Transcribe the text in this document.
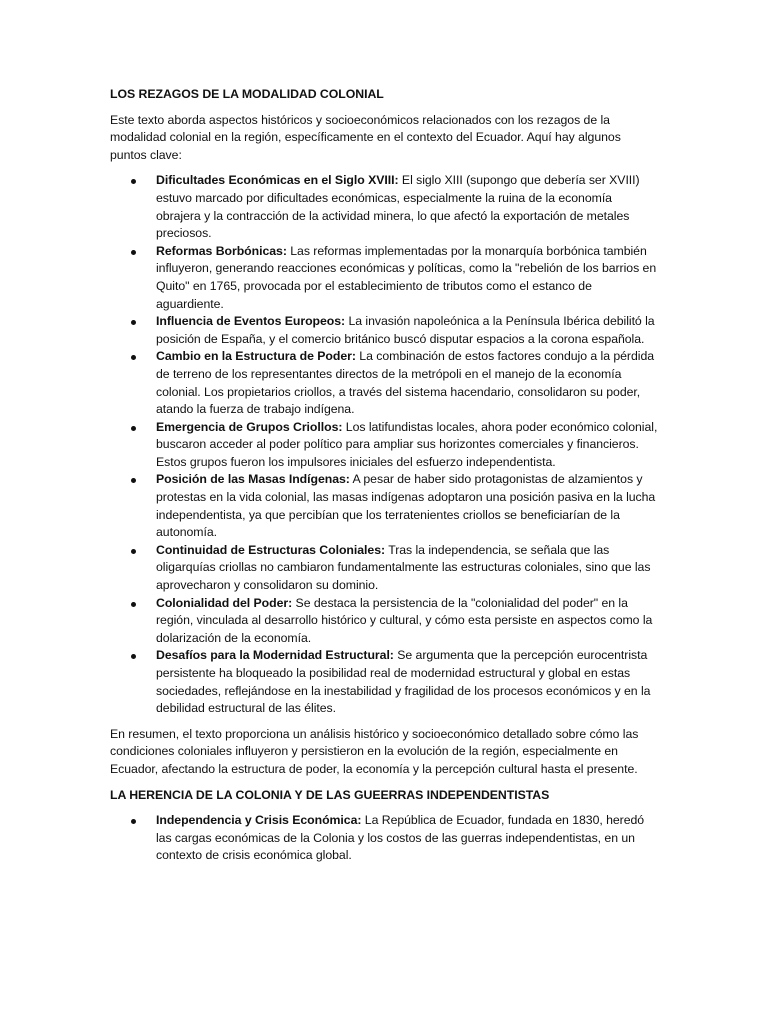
LOS REZAGOS DE LA MODALIDAD COLONIAL
Este texto aborda aspectos históricos y socioeconómicos relacionados con los rezagos de la modalidad colonial en la región, específicamente en el contexto del Ecuador. Aquí hay algunos puntos clave:
Dificultades Económicas en el Siglo XVIII: El siglo XIII (supongo que debería ser XVIII) estuvo marcado por dificultades económicas, especialmente la ruina de la economía obrajera y la contracción de la actividad minera, lo que afectó la exportación de metales preciosos.
Reformas Borbónicas: Las reformas implementadas por la monarquía borbónica también influyeron, generando reacciones económicas y políticas, como la "rebelión de los barrios en Quito" en 1765, provocada por el establecimiento de tributos como el estanco de aguardiente.
Influencia de Eventos Europeos: La invasión napoleónica a la Península Ibérica debilitó la posición de España, y el comercio británico buscó disputar espacios a la corona española.
Cambio en la Estructura de Poder: La combinación de estos factores condujo a la pérdida de terreno de los representantes directos de la metrópoli en el manejo de la economía colonial. Los propietarios criollos, a través del sistema hacendario, consolidaron su poder, atando la fuerza de trabajo indígena.
Emergencia de Grupos Criollos: Los latifundistas locales, ahora poder económico colonial, buscaron acceder al poder político para ampliar sus horizontes comerciales y financieros. Estos grupos fueron los impulsores iniciales del esfuerzo independentista.
Posición de las Masas Indígenas: A pesar de haber sido protagonistas de alzamientos y protestas en la vida colonial, las masas indígenas adoptaron una posición pasiva en la lucha independentista, ya que percibían que los terratenientes criollos se beneficiarían de la autonomía.
Continuidad de Estructuras Coloniales: Tras la independencia, se señala que las oligarquías criollas no cambiaron fundamentalmente las estructuras coloniales, sino que las aprovecharon y consolidaron su dominio.
Colonialidad del Poder: Se destaca la persistencia de la "colonialidad del poder" en la región, vinculada al desarrollo histórico y cultural, y cómo esta persiste en aspectos como la dolarización de la economía.
Desafíos para la Modernidad Estructural: Se argumenta que la percepción eurocentrista persistente ha bloqueado la posibilidad real de modernidad estructural y global en estas sociedades, reflejándose en la inestabilidad y fragilidad de los procesos económicos y en la debilidad estructural de las élites.
En resumen, el texto proporciona un análisis histórico y socioeconómico detallado sobre cómo las condiciones coloniales influyeron y persistieron en la evolución de la región, especialmente en Ecuador, afectando la estructura de poder, la economía y la percepción cultural hasta el presente.
LA HERENCIA DE LA COLONIA Y DE LAS GUEERRAS INDEPENDENTISTAS
Independencia y Crisis Económica: La República de Ecuador, fundada en 1830, heredó las cargas económicas de la Colonia y los costos de las guerras independentistas, en un contexto de crisis económica global.
